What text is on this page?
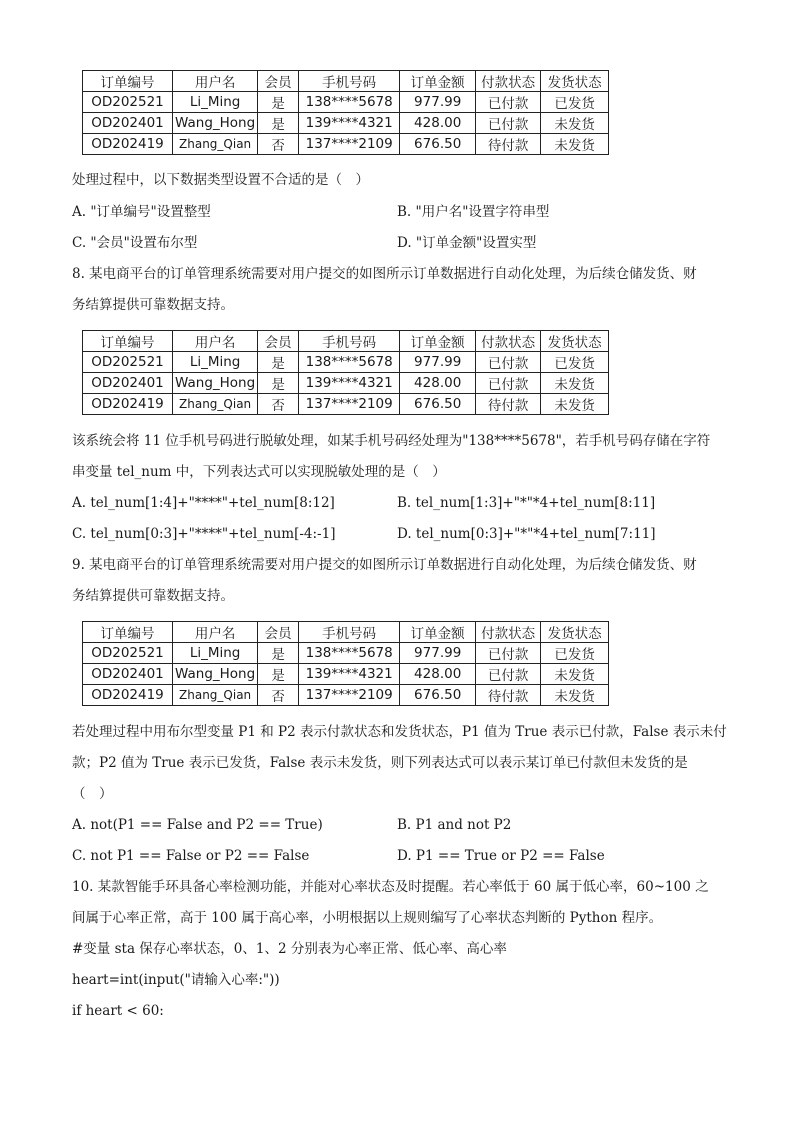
订单编号	用户名	会员	手机号码	订单金额	付款状态	发货状态
OD202521	Li_Ming	是	138****5678	977.99	已付款	已发货
OD202401	Wang_Hong	是	139****4321	428.00	已付款	未发货
OD202419	Zhang_Qian	否	137****2109	676.50	待付款	未发货
处理过程中，以下数据类型设置不合适的是（　）
A. "订单编号"设置整型	B. "用户名"设置字符串型
C. "会员"设置布尔型	D. "订单金额"设置实型
8. 某电商平台的订单管理系统需要对用户提交的如图所示订单数据进行自动化处理，为后续仓储发货、财
务结算提供可靠数据支持。
订单编号	用户名	会员	手机号码	订单金额	付款状态	发货状态
OD202521	Li_Ming	是	138****5678	977.99	已付款	已发货
OD202401	Wang_Hong	是	139****4321	428.00	已付款	未发货
OD202419	Zhang_Qian	否	137****2109	676.50	待付款	未发货
该系统会将 11 位手机号码进行脱敏处理，如某手机号码经处理为"138****5678"，若手机号码存储在字符
串变量 tel_num 中，下列表达式可以实现脱敏处理的是（　）
A. tel_num[1:4]+"****"+tel_num[8:12]	B. tel_num[1:3]+"*"*4+tel_num[8:11]
C. tel_num[0:3]+"****"+tel_num[-4:-1]	D. tel_num[0:3]+"*"*4+tel_num[7:11]
9. 某电商平台的订单管理系统需要对用户提交的如图所示订单数据进行自动化处理，为后续仓储发货、财
务结算提供可靠数据支持。
订单编号	用户名	会员	手机号码	订单金额	付款状态	发货状态
OD202521	Li_Ming	是	138****5678	977.99	已付款	已发货
OD202401	Wang_Hong	是	139****4321	428.00	已付款	未发货
OD202419	Zhang_Qian	否	137****2109	676.50	待付款	未发货
若处理过程中用布尔型变量 P1 和 P2 表示付款状态和发货状态，P1 值为 True 表示已付款，False 表示未付
款；P2 值为 True 表示已发货，False 表示未发货，则下列表达式可以表示某订单已付款但未发货的是
（　）
A. not(P1 == False and P2 == True)	B. P1 and not P2
C. not P1 == False or P2 == False	D. P1 == True or P2 == False
10. 某款智能手环具备心率检测功能，并能对心率状态及时提醒。若心率低于 60 属于低心率，60~100 之
间属于心率正常，高于 100 属于高心率，小明根据以上规则编写了心率状态判断的 Python 程序。
#变量 sta 保存心率状态，0、1、2 分别表为心率正常、低心率、高心率
heart=int(input("请输入心率:"))
if heart < 60:
